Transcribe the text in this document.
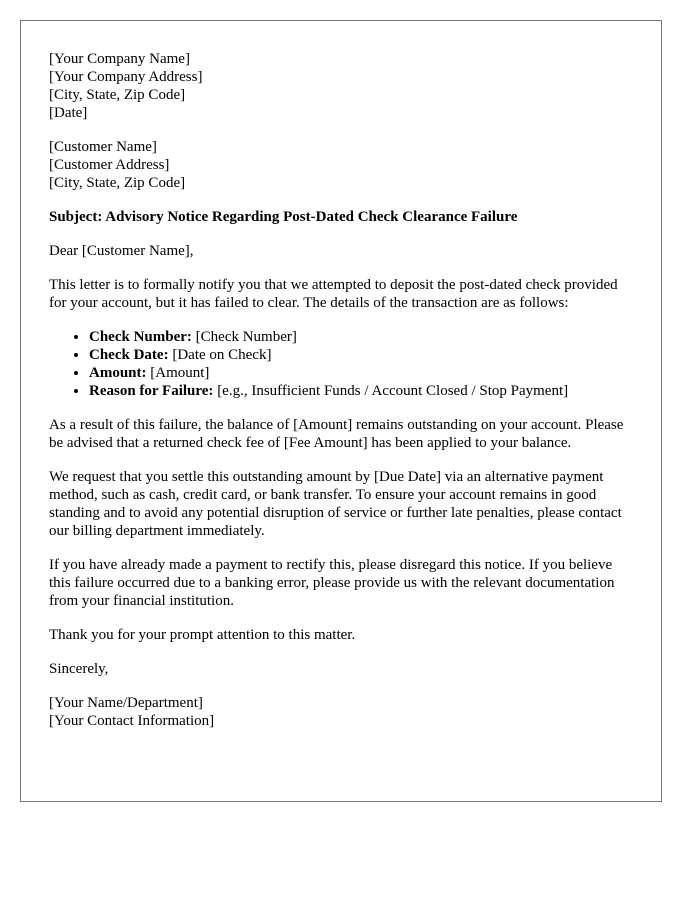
[Your Company Name]

[Your Company Address]

[City, State, Zip Code]

[Date]

[Customer Name]

[Customer Address]

[City, State, Zip Code]

Subject: Advisory Notice Regarding Post-Dated Check Clearance Failure

Dear [Customer Name],

This letter is to formally notify you that we attempted to deposit the post-dated check provided for your account, but it has failed to clear. The details of the transaction are as follows:

• Check Number: [Check Number]
• Check Date: [Date on Check]
• Amount: [Amount]
• Reason for Failure: [e.g., Insufficient Funds / Account Closed / Stop Payment]

As a result of this failure, the balance of [Amount] remains outstanding on your account. Please be advised that a returned check fee of [Fee Amount] has been applied to your balance.

We request that you settle this outstanding amount by [Due Date] via an alternative payment method, such as cash, credit card, or bank transfer. To ensure your account remains in good standing and to avoid any potential disruption of service or further late penalties, please contact our billing department immediately.

If you have already made a payment to rectify this, please disregard this notice. If you believe this failure occurred due to a banking error, please provide us with the relevant documentation from your financial institution.

Thank you for your prompt attention to this matter.

Sincerely,

[Your Name/Department]

[Your Contact Information]
